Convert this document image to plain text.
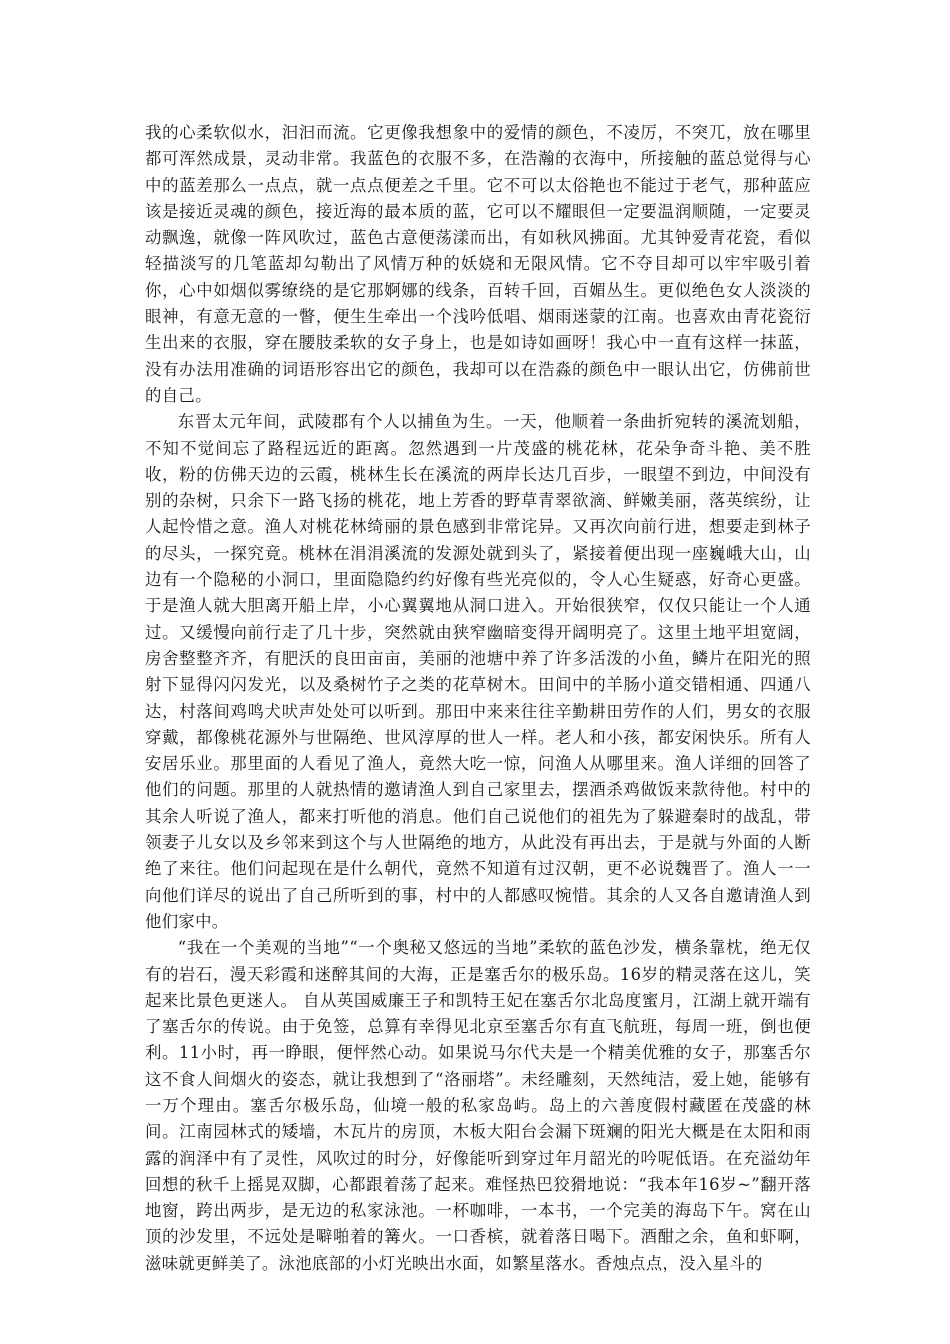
我的心柔软似水，汩汩而流。它更像我想象中的爱情的颜色，不凌厉，不突兀，放在哪里都可浑然成景，灵动非常。我蓝色的衣服不多，在浩瀚的衣海中，所接触的蓝总觉得与心中的蓝差那么一点点，就一点点便差之千里。它不可以太俗艳也不能过于老气，那种蓝应该是接近灵魂的颜色，接近海的最本质的蓝，它可以不耀眼但一定要温润顺随，一定要灵动飘逸，就像一阵风吹过，蓝色古意便荡漾而出，有如秋风拂面。尤其钟爱青花瓷，看似轻描淡写的几笔蓝却勾勒出了风情万种的妖娆和无限风情。它不夺目却可以牢牢吸引着你，心中如烟似雾缭绕的是它那婀娜的线条，百转千回，百媚丛生。更似绝色女人淡淡的眼神，有意无意的一瞥，便生生牵出一个浅吟低唱、烟雨迷蒙的江南。也喜欢由青花瓷衍生出来的衣服，穿在腰肢柔软的女子身上，也是如诗如画呀！我心中一直有这样一抹蓝，没有办法用准确的词语形容出它的颜色，我却可以在浩淼的颜色中一眼认出它，仿佛前世的自己。

东晋太元年间，武陵郡有个人以捕鱼为生。一天，他顺着一条曲折宛转的溪流划船，不知不觉间忘了路程远近的距离。忽然遇到一片茂盛的桃花林，花朵争奇斗艳、美不胜收，粉的仿佛天边的云霞，桃林生长在溪流的两岸长达几百步，一眼望不到边，中间没有别的杂树，只余下一路飞扬的桃花，地上芳香的野草青翠欲滴、鲜嫩美丽，落英缤纷，让人起怜惜之意。渔人对桃花林绮丽的景色感到非常诧异。又再次向前行进，想要走到林子的尽头，一探究竟。桃林在涓涓溪流的发源处就到头了，紧接着便出现一座巍峨大山，山边有一个隐秘的小洞口，里面隐隐约约好像有些光亮似的，令人心生疑惑，好奇心更盛。于是渔人就大胆离开船上岸，小心翼翼地从洞口进入。开始很狭窄，仅仅只能让一个人通过。又缓慢向前行走了几十步，突然就由狭窄幽暗变得开阔明亮了。这里土地平坦宽阔，房舍整整齐齐，有肥沃的良田亩亩，美丽的池塘中养了许多活泼的小鱼，鳞片在阳光的照射下显得闪闪发光，以及桑树竹子之类的花草树木。田间中的羊肠小道交错相通、四通八达，村落间鸡鸣犬吠声处处可以听到。那田中来来往往辛勤耕田劳作的人们，男女的衣服穿戴，都像桃花源外与世隔绝、世风淳厚的世人一样。老人和小孩，都安闲快乐。所有人安居乐业。那里面的人看见了渔人，竟然大吃一惊，问渔人从哪里来。渔人详细的回答了他们的问题。那里的人就热情的邀请渔人到自己家里去，摆酒杀鸡做饭来款待他。村中的其余人听说了渔人，都来打听他的消息。他们自己说他们的祖先为了躲避秦时的战乱，带领妻子儿女以及乡邻来到这个与人世隔绝的地方，从此没有再出去，于是就与外面的人断绝了来往。他们问起现在是什么朝代，竟然不知道有过汉朝，更不必说魏晋了。渔人一一向他们详尽的说出了自己所听到的事，村中的人都感叹惋惜。其余的人又各自邀请渔人到他们家中。

“我在一个美观的当地”“一个奥秘又悠远的当地”柔软的蓝色沙发，横条靠枕，绝无仅有的岩石，漫天彩霞和迷醉其间的大海，正是塞舌尔的极乐岛。16岁的精灵落在这儿，笑起来比景色更迷人。 自从英国威廉王子和凯特王妃在塞舌尔北岛度蜜月，江湖上就开端有了塞舌尔的传说。由于免签，总算有幸得见北京至塞舌尔有直飞航班，每周一班，倒也便利。11小时，再一睁眼，便怦然心动。如果说马尔代夫是一个精美优雅的女子，那塞舌尔这不食人间烟火的姿态，就让我想到了“洛丽塔”。未经雕刻，天然纯洁，爱上她，能够有一万个理由。塞舌尔极乐岛，仙境一般的私家岛屿。岛上的六善度假村藏匿在茂盛的林间。江南园林式的矮墙，木瓦片的房顶，木板大阳台会漏下斑斓的阳光大概是在太阳和雨露的润泽中有了灵性，风吹过的时分，好像能听到穿过年月韶光的吟呢低语。在充溢幼年回想的秋千上摇晃双脚，心都跟着荡了起来。难怪热巴狡猾地说：“我本年16岁~”翻开落地窗，跨出两步，是无边的私家泳池。一杯咖啡，一本书，一个完美的海岛下午。窝在山顶的沙发里，不远处是噼啪着的篝火。一口香槟，就着落日喝下。酒酣之余，鱼和虾啊，滋味就更鲜美了。泳池底部的小灯光映出水面，如繁星落水。香烛点点，没入星斗的
